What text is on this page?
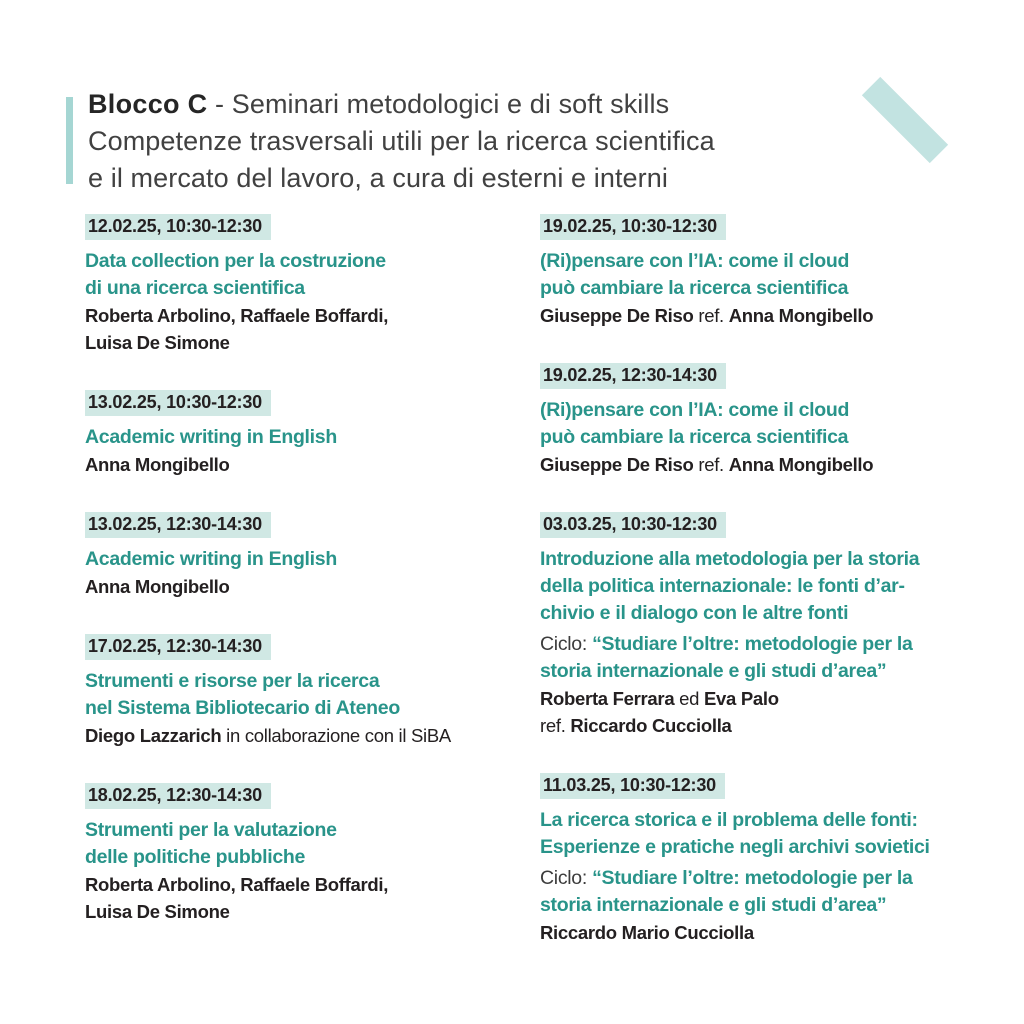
Blocco C - Seminari metodologici e di soft skills
Competenze trasversali utili per la ricerca scientifica
e il mercato del lavoro, a cura di esterni e interni
12.02.25, 10:30-12:30
Data collection per la costruzione
di una ricerca scientifica
Roberta Arbolino, Raffaele Boffardi,
Luisa De Simone
13.02.25, 10:30-12:30
Academic writing in English
Anna Mongibello
13.02.25, 12:30-14:30
Academic writing in English
Anna Mongibello
17.02.25, 12:30-14:30
Strumenti e risorse per la ricerca
nel Sistema Bibliotecario di Ateneo
Diego Lazzarich in collaborazione con il SiBA
18.02.25, 12:30-14:30
Strumenti per la valutazione
delle politiche pubbliche
Roberta Arbolino, Raffaele Boffardi,
Luisa De Simone
19.02.25, 10:30-12:30
(Ri)pensare con l’IA: come il cloud
può cambiare la ricerca scientifica
Giuseppe De Riso ref. Anna Mongibello
19.02.25, 12:30-14:30
(Ri)pensare con l’IA: come il cloud
può cambiare la ricerca scientifica
Giuseppe De Riso ref. Anna Mongibello
03.03.25, 10:30-12:30
Introduzione alla metodologia per la storia
della politica internazionale: le fonti d’ar-
chivio e il dialogo con le altre fonti
Ciclo: “Studiare l’oltre: metodologie per la
storia internazionale e gli studi d’area”
Roberta Ferrara ed Eva Palo
ref. Riccardo Cucciolla
11.03.25, 10:30-12:30
La ricerca storica e il problema delle fonti:
Esperienze e pratiche negli archivi sovietici
Ciclo: “Studiare l’oltre: metodologie per la
storia internazionale e gli studi d’area”
Riccardo Mario Cucciolla
